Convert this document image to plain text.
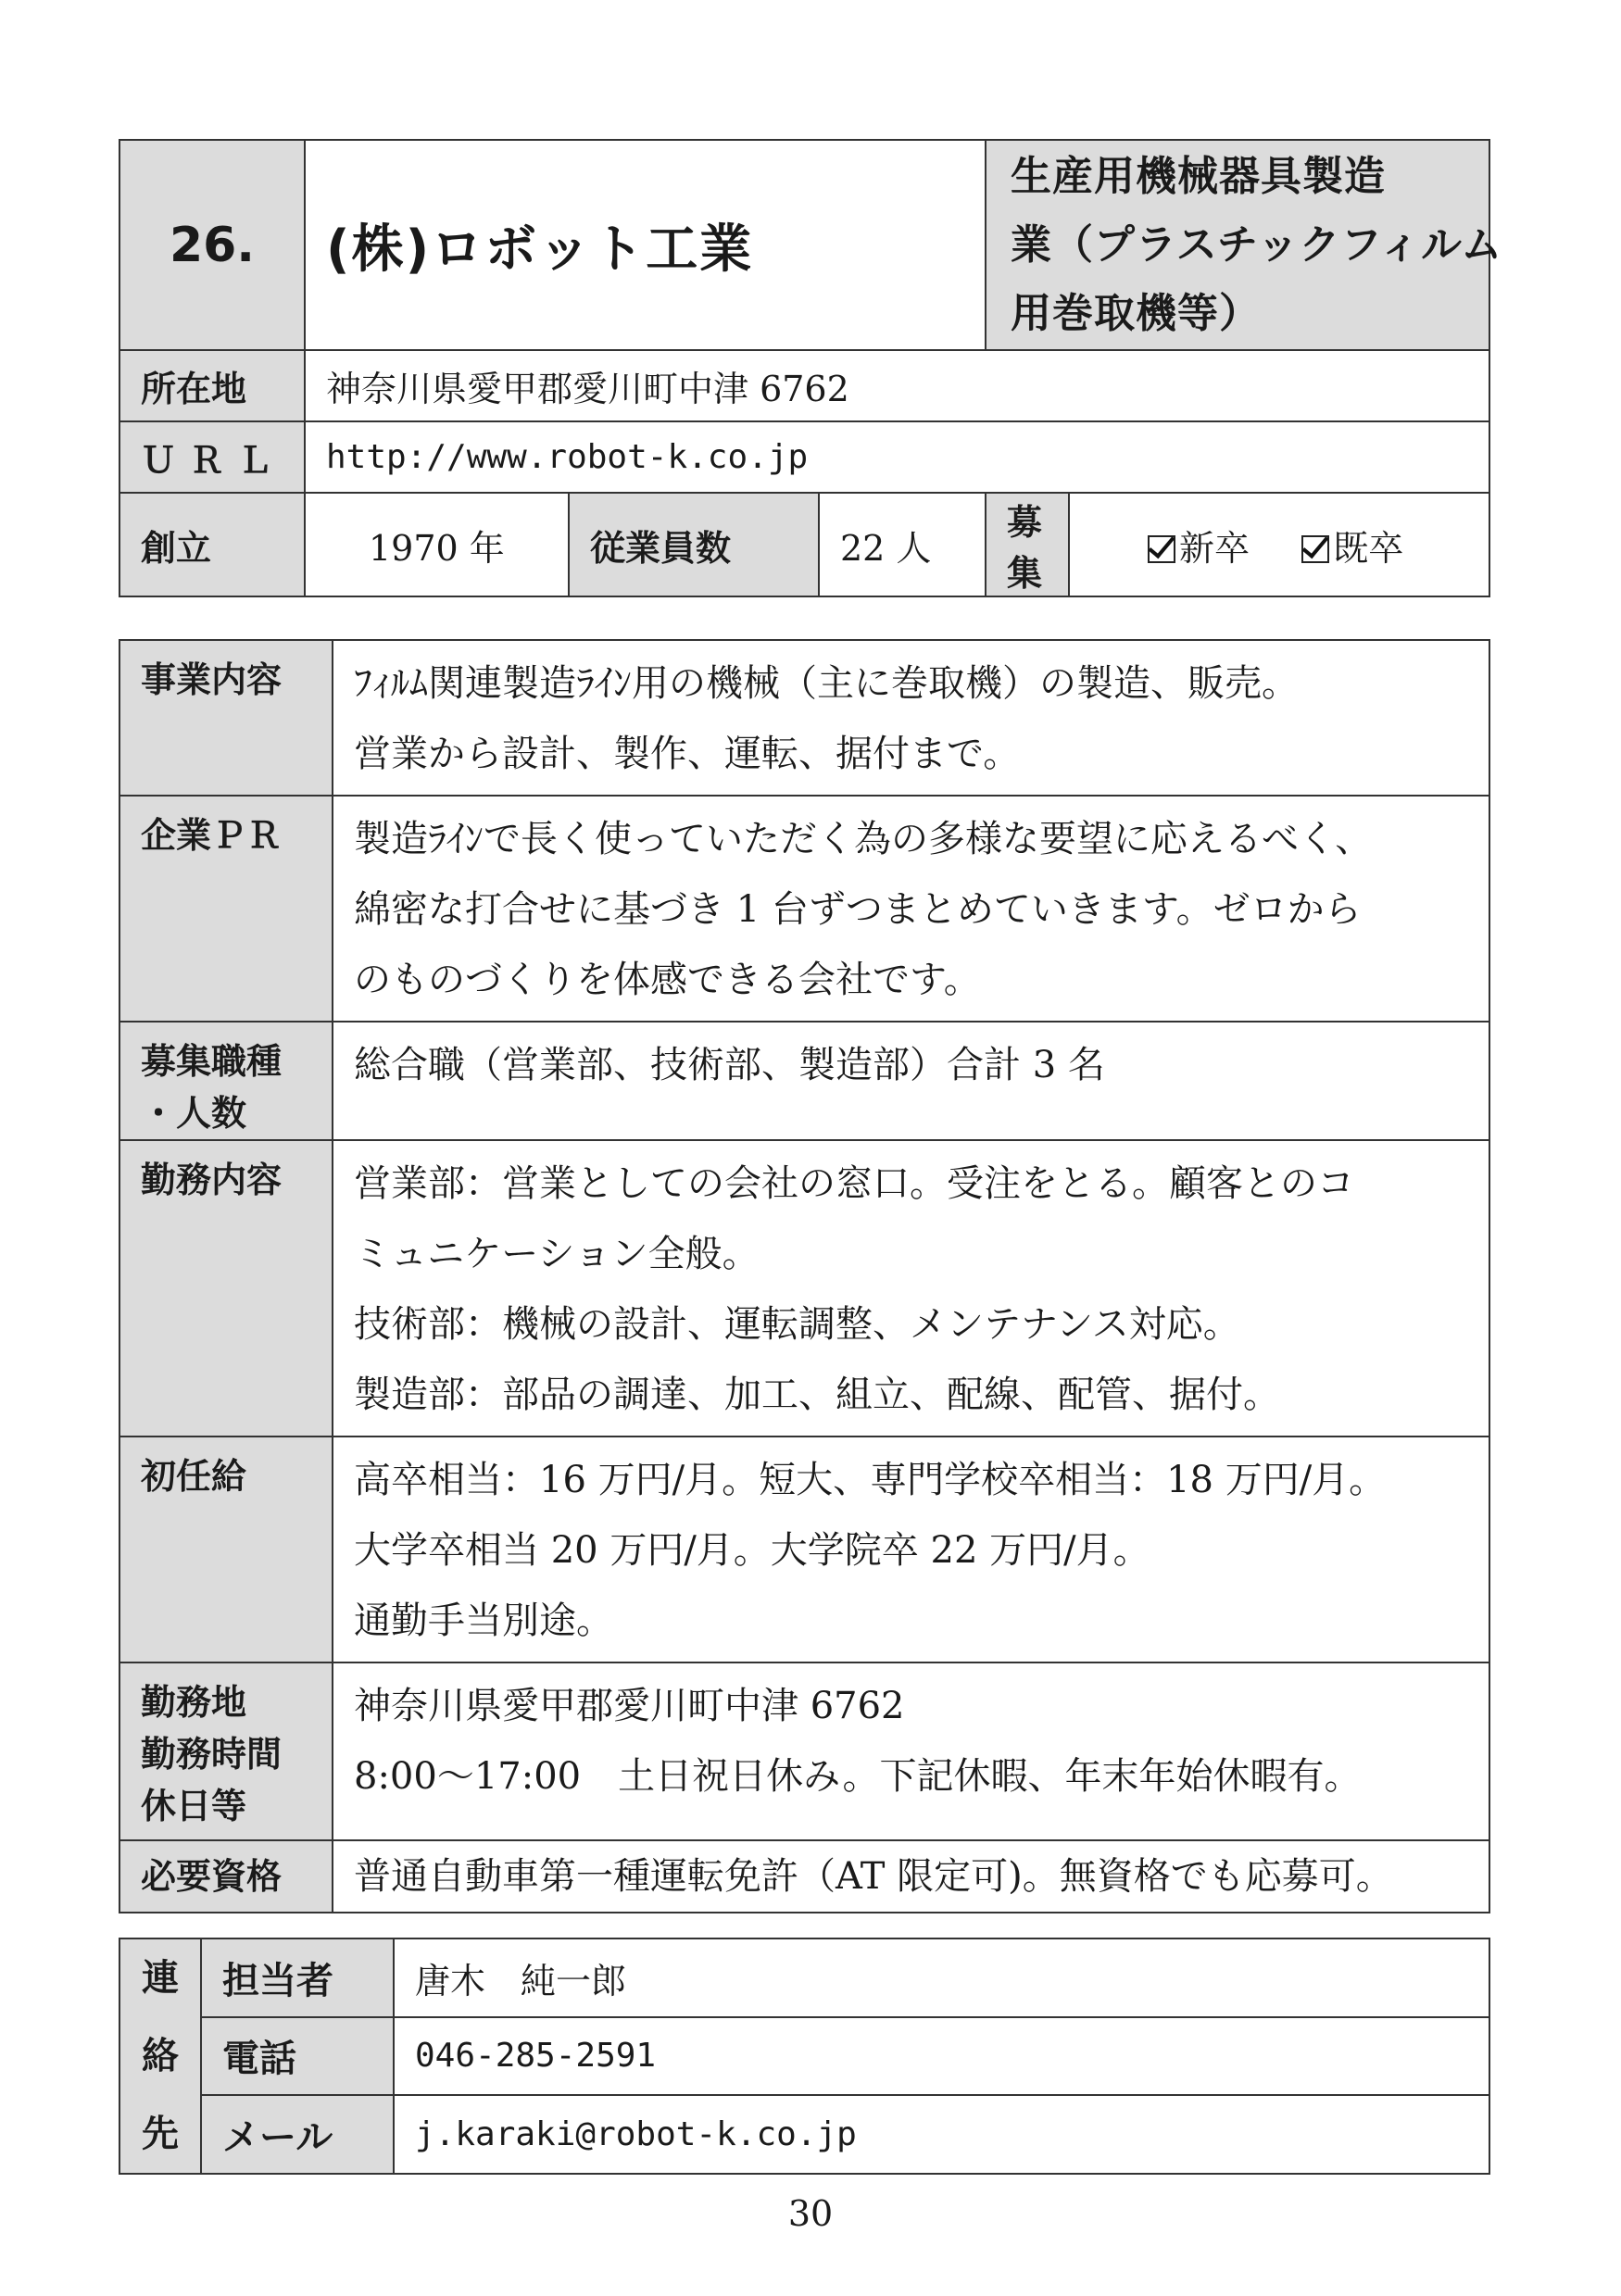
26.	(株)ロボット工業			生産用機械器具製造
業（プラスチックフィルム
用巻取機等）	

所在地	神奈川県愛甲郡愛川町中津 6762				
ＵＲＬ	http://www.robot-k.co.jp				
創立	1970 年	従業員数	22 人	募集	新卒 既卒
事業内容	ﾌｨﾙﾑ関連製造ﾗｲﾝ用の機械（主に巻取機）の製造、販売。
営業から設計、製作、運転、据付まで。

企業ＰＲ	製造ﾗｲﾝで長く使っていただく為の多様な要望に応えるべく、
綿密な打合せに基づき 1 台ずつまとめていきます。ゼロから
のものづくりを体感できる会社です。

募集職種
・人数	総合職（営業部、技術部、製造部）合計 3 名

勤務内容	営業部：営業としての会社の窓口。受注をとる。顧客とのコ
ミュニケーション全般。
技術部：機械の設計、運転調整、メンテナンス対応。
製造部：部品の調達、加工、組立、配線、配管、据付。

初任給	高卒相当：16 万円/月。短大、専門学校卒相当：18 万円/月。
大学卒相当 20 万円/月。大学院卒 22 万円/月。
通勤手当別途。

勤務地
勤務時間
休日等	神奈川県愛甲郡愛川町中津 6762
8:00～17:00　土日祝日休み。下記休暇、年末年始休暇有。

必要資格	普通自動車第一種運転免許（AT 限定可)。無資格でも応募可。
連
絡
先	担当者	唐木　純一郎
	電話	046-285-2591
	メール	j.karaki@robot-k.co.jp
30
